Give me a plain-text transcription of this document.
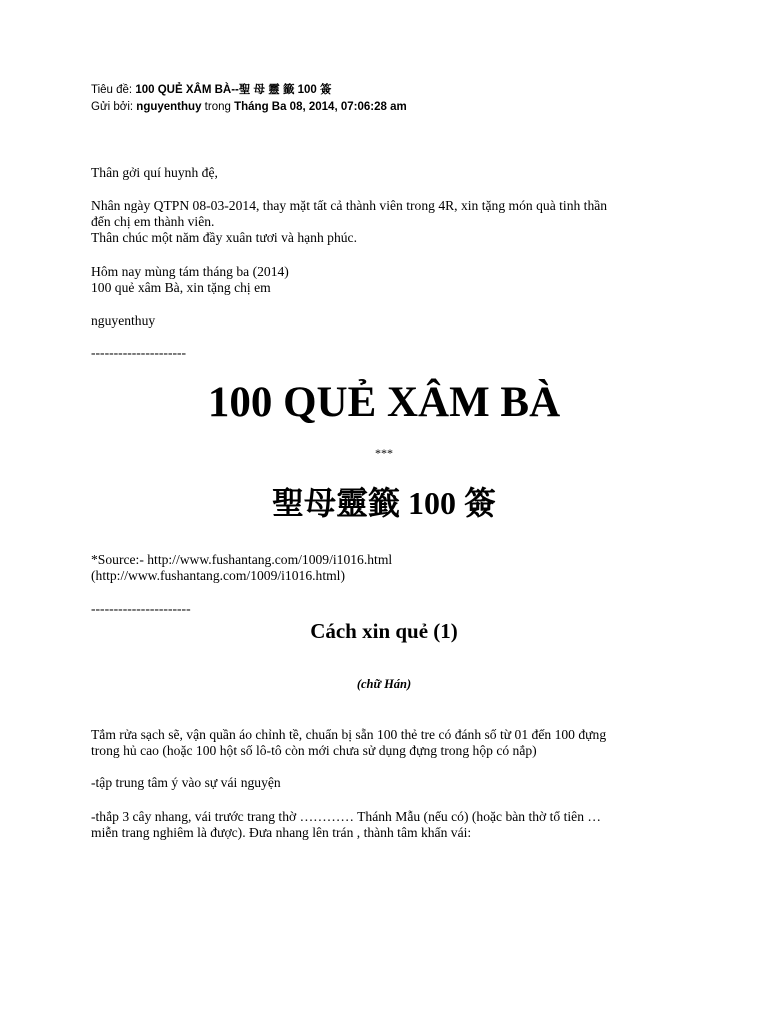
Tiêu đề: 100 QUẺ XÂM BÀ--聖 母 靈 籤 100 簽
Gửi bởi: nguyenthuy trong Tháng Ba 08, 2014, 07:06:28 am
Thân gởi quí huynh đệ,
Nhân ngày QTPN 08-03-2014, thay mặt tất cả thành viên trong 4R, xin tặng món quà tinh thần
đến chị em thành viên.
Thân chúc một năm đầy xuân tươi và hạnh phúc.
Hôm nay mùng tám tháng ba (2014)
100 quẻ xâm Bà, xin tặng chị em
nguyenthuy
---------------------
100 QUẺ XÂM BÀ
***
聖母靈籤 100 簽
*Source:- http://www.fushantang.com/1009/i1016.html
(http://www.fushantang.com/1009/i1016.html)
----------------------
Cách xin quẻ (1)
(chữ Hán)
Tắm rửa sạch sẽ, vận quần áo chỉnh tề, chuẩn bị sẵn 100 thẻ tre có đánh số từ 01 đến 100 đựng
trong hủ cao (hoặc 100 hột số lô-tô còn mới chưa sử dụng đựng trong hộp có nắp)
-tập trung tâm ý vào sự vái nguyện
-thắp 3 cây nhang, vái trước trang thờ ………… Thánh Mẫu (nếu có) (hoặc bàn thờ tổ tiên …
miễn trang nghiêm là được). Đưa nhang lên trán , thành tâm khấn vái:
